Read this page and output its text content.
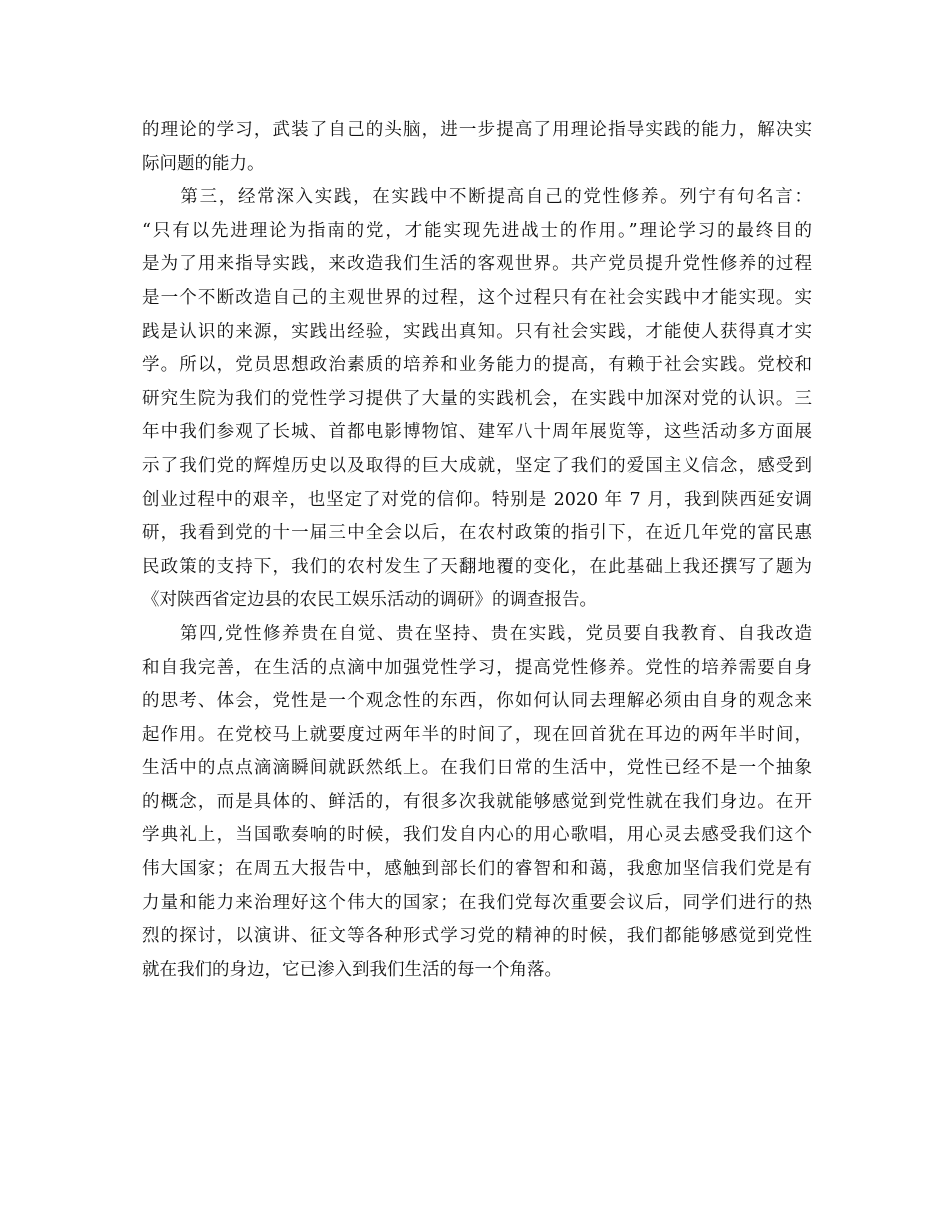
的理论的学习，武装了自己的头脑，进一步提高了用理论指导实践的能力，解决实
际问题的能力。
　　第三，经常深入实践，在实践中不断提高自己的党性修养。列宁有句名言：
“只有以先进理论为指南的党，才能实现先进战士的作用。”理论学习的最终目的
是为了用来指导实践，来改造我们生活的客观世界。共产党员提升党性修养的过程
是一个不断改造自己的主观世界的过程，这个过程只有在社会实践中才能实现。实
践是认识的来源，实践出经验，实践出真知。只有社会实践，才能使人获得真才实
学。所以，党员思想政治素质的培养和业务能力的提高，有赖于社会实践。党校和
研究生院为我们的党性学习提供了大量的实践机会，在实践中加深对党的认识。三
年中我们参观了长城、首都电影博物馆、建军八十周年展览等，这些活动多方面展
示了我们党的辉煌历史以及取得的巨大成就，坚定了我们的爱国主义信念，感受到
创业过程中的艰辛，也坚定了对党的信仰。特别是 2020 年 7 月，我到陕西延安调
研，我看到党的十一届三中全会以后，在农村政策的指引下，在近几年党的富民惠
民政策的支持下，我们的农村发生了天翻地覆的变化，在此基础上我还撰写了题为
《对陕西省定边县的农民工娱乐活动的调研》的调查报告。
　　第四,党性修养贵在自觉、贵在坚持、贵在实践，党员要自我教育、自我改造
和自我完善，在生活的点滴中加强党性学习，提高党性修养。党性的培养需要自身
的思考、体会，党性是一个观念性的东西，你如何认同去理解必须由自身的观念来
起作用。在党校马上就要度过两年半的时间了，现在回首犹在耳边的两年半时间，
生活中的点点滴滴瞬间就跃然纸上。在我们日常的生活中，党性已经不是一个抽象
的概念，而是具体的、鲜活的，有很多次我就能够感觉到党性就在我们身边。在开
学典礼上，当国歌奏响的时候，我们发自内心的用心歌唱，用心灵去感受我们这个
伟大国家；在周五大报告中，感触到部长们的睿智和和蔼，我愈加坚信我们党是有
力量和能力来治理好这个伟大的国家；在我们党每次重要会议后，同学们进行的热
烈的探讨，以演讲、征文等各种形式学习党的精神的时候，我们都能够感觉到党性
就在我们的身边，它已渗入到我们生活的每一个角落。
